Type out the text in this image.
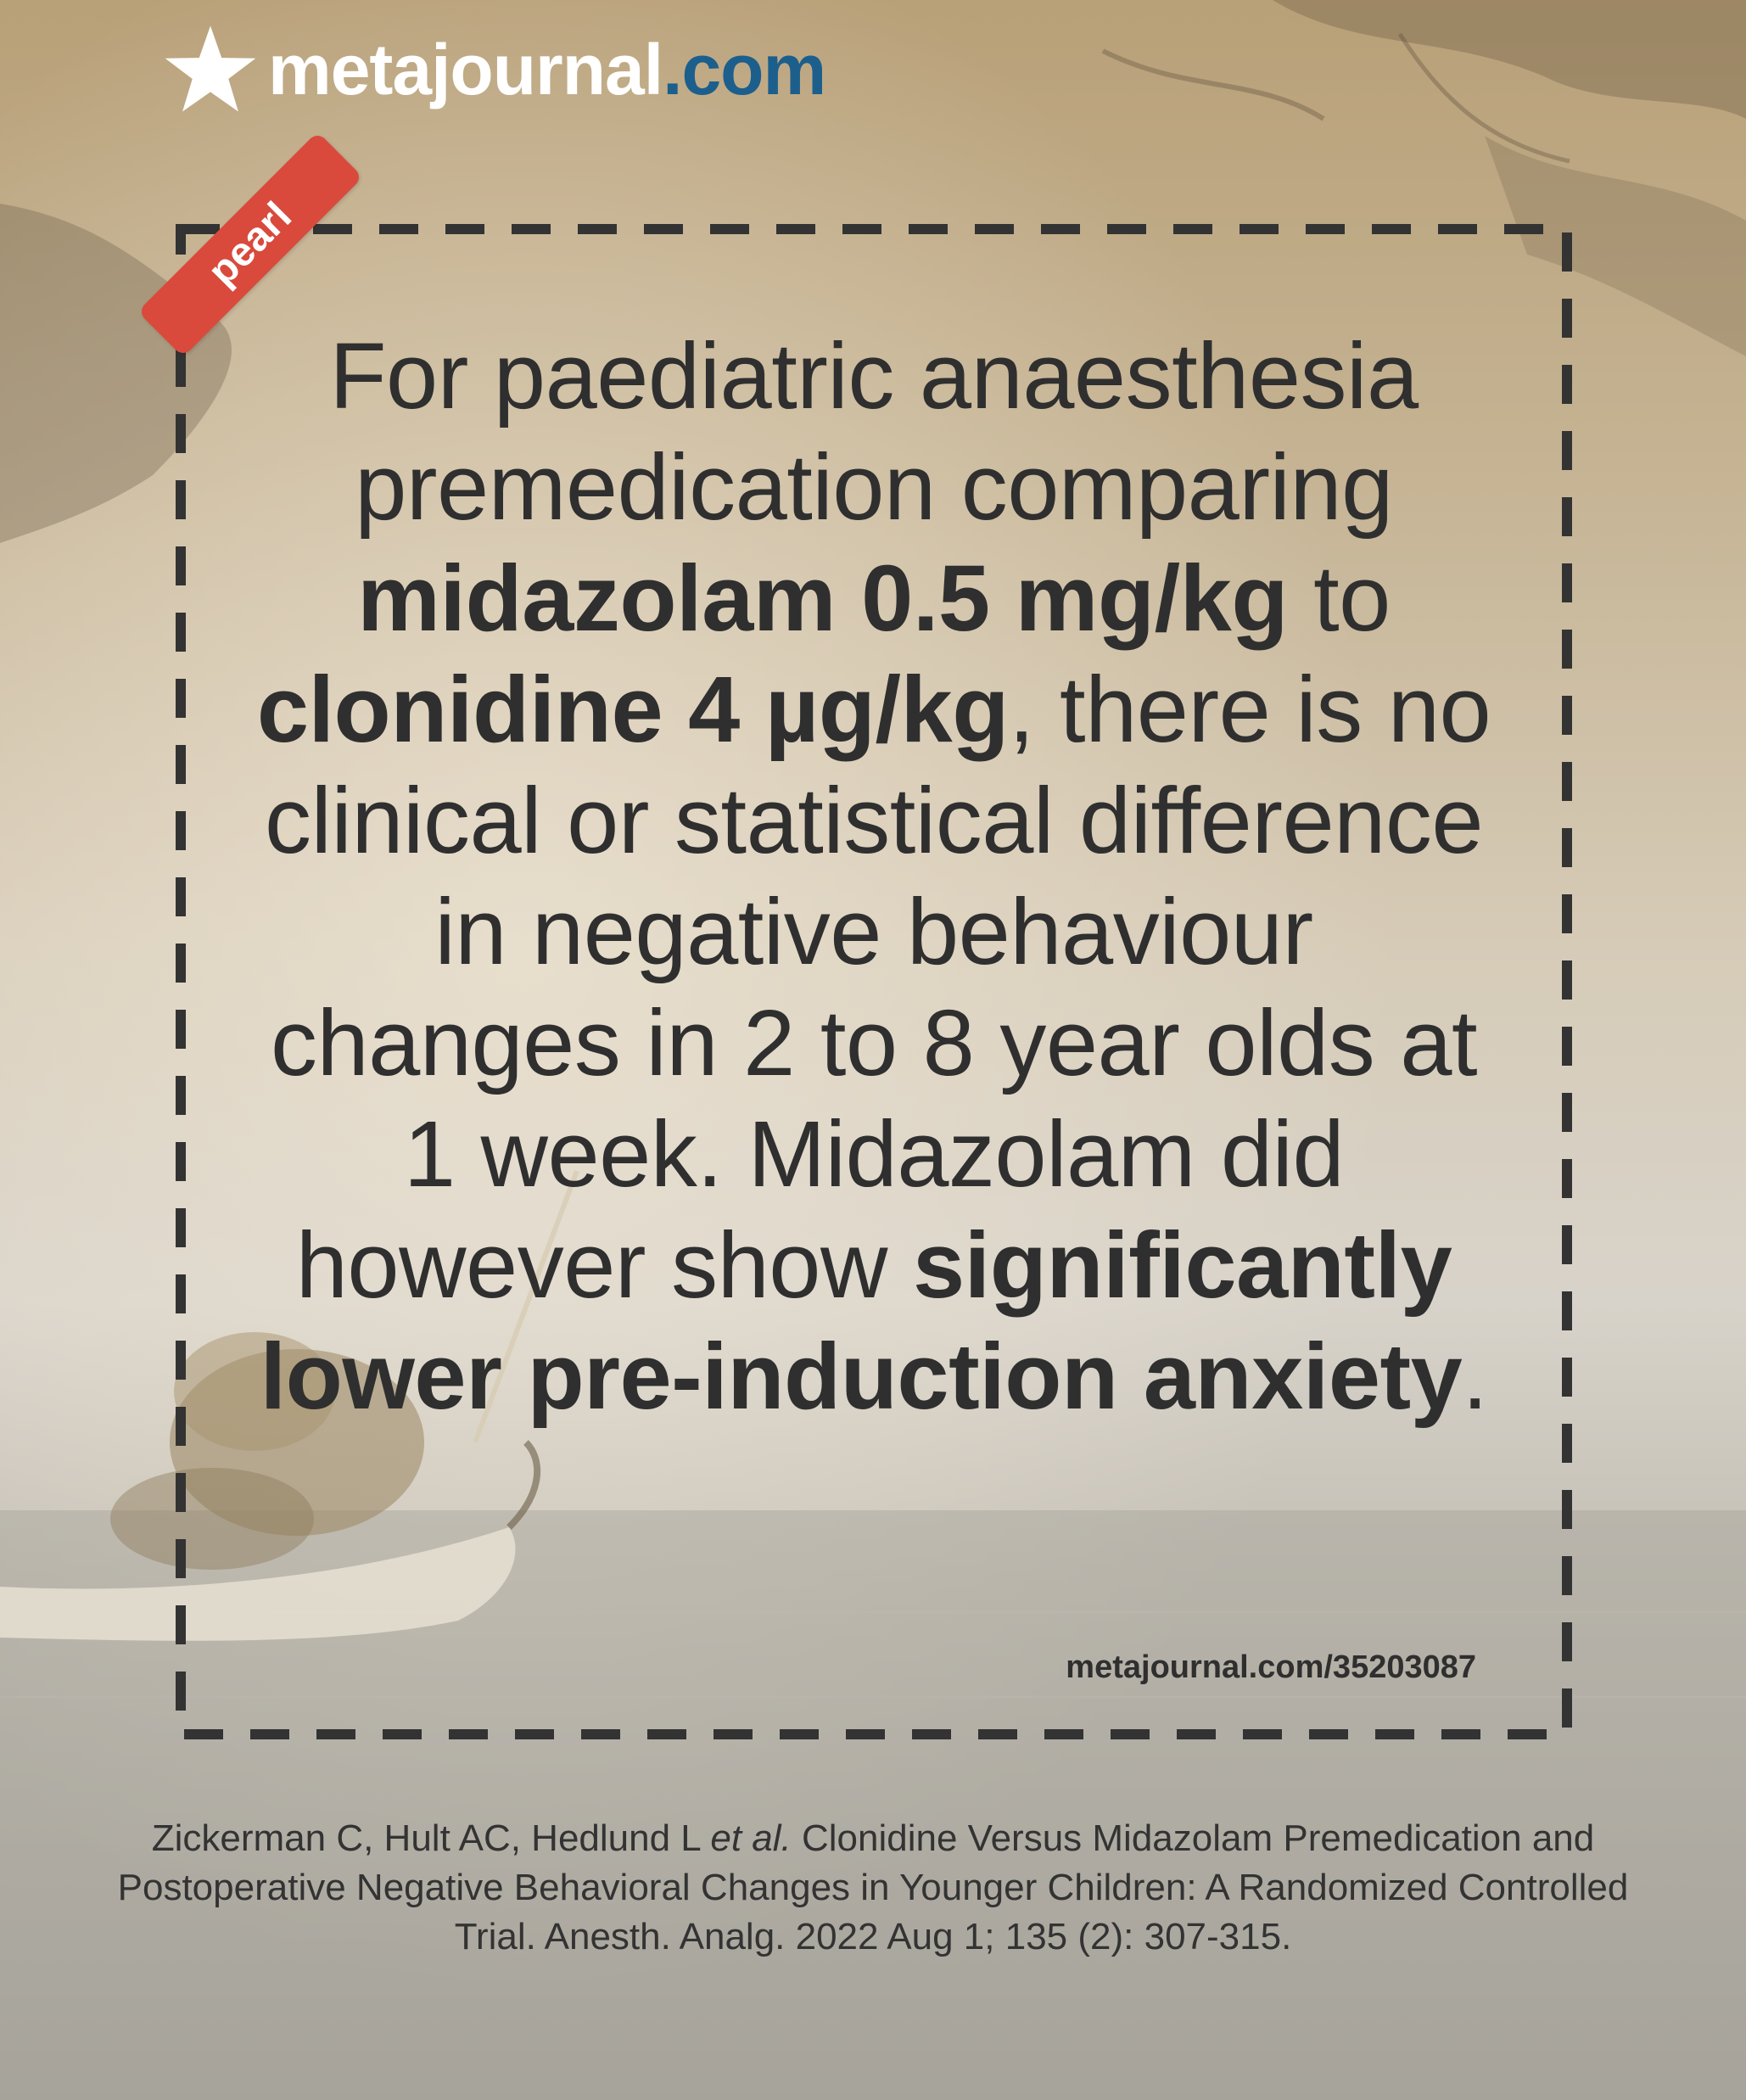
metajournal .com
pearl
For paediatric anaesthesia premedication comparing midazolam 0.5 mg/kg to clonidine 4 µg/kg, there is no clinical or statistical difference in negative behaviour changes in 2 to 8 year olds at 1 week. Midazolam did however show significantly lower pre-induction anxiety.
metajournal.com/35203087
Zickerman C, Hult AC, Hedlund L et al. Clonidine Versus Midazolam Premedication and Postoperative Negative Behavioral Changes in Younger Children: A Randomized Controlled Trial. Anesth. Analg. 2022 Aug 1; 135 (2): 307-315.
